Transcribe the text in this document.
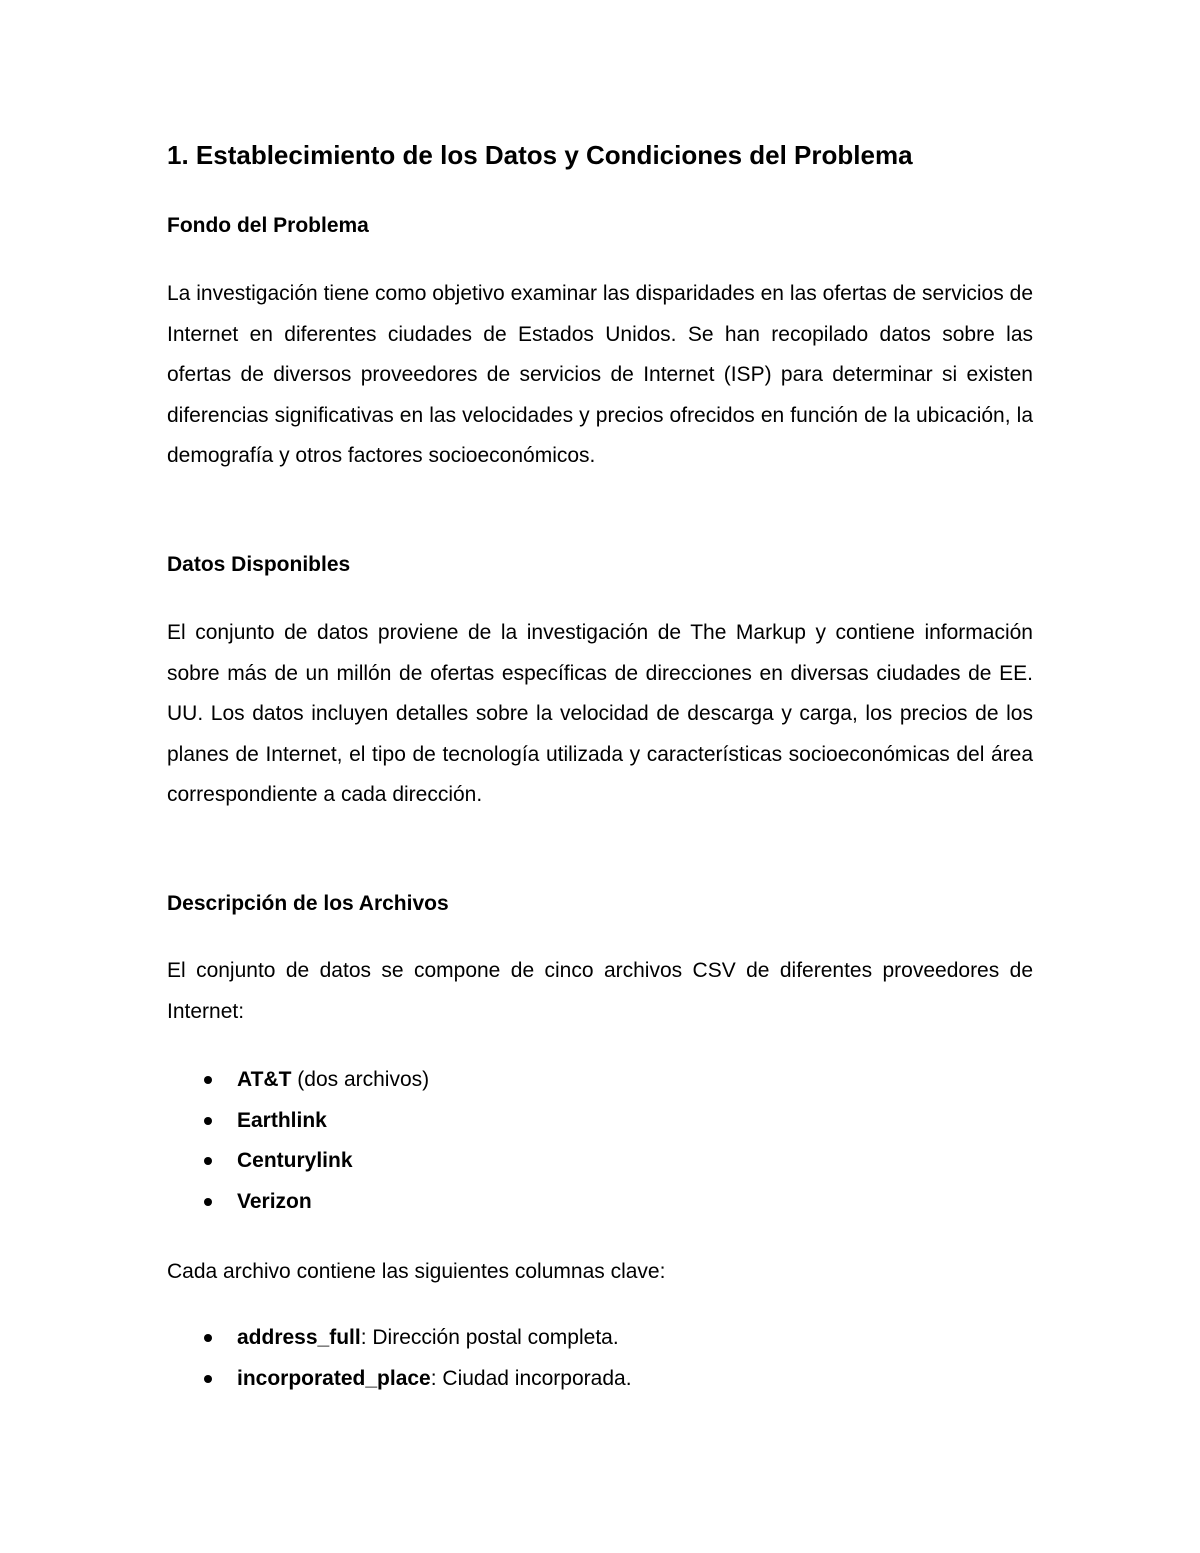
1. Establecimiento de los Datos y Condiciones del Problema
Fondo del Problema

La investigación tiene como objetivo examinar las disparidades en las ofertas de servicios de Internet en diferentes ciudades de Estados Unidos. Se han recopilado datos sobre las ofertas de diversos proveedores de servicios de Internet (ISP) para determinar si existen diferencias significativas en las velocidades y precios ofrecidos en función de la ubicación, la demografía y otros factores socioeconómicos.

Datos Disponibles

El conjunto de datos proviene de la investigación de The Markup y contiene información sobre más de un millón de ofertas específicas de direcciones en diversas ciudades de EE. UU. Los datos incluyen detalles sobre la velocidad de descarga y carga, los precios de los planes de Internet, el tipo de tecnología utilizada y características socioeconómicas del área correspondiente a cada dirección.

Descripción de los Archivos

El conjunto de datos se compone de cinco archivos CSV de diferentes proveedores de Internet:

AT&T (dos archivos)
Earthlink
Centurylink
Verizon

Cada archivo contiene las siguientes columnas clave:

address_full: Dirección postal completa.
incorporated_place: Ciudad incorporada.
